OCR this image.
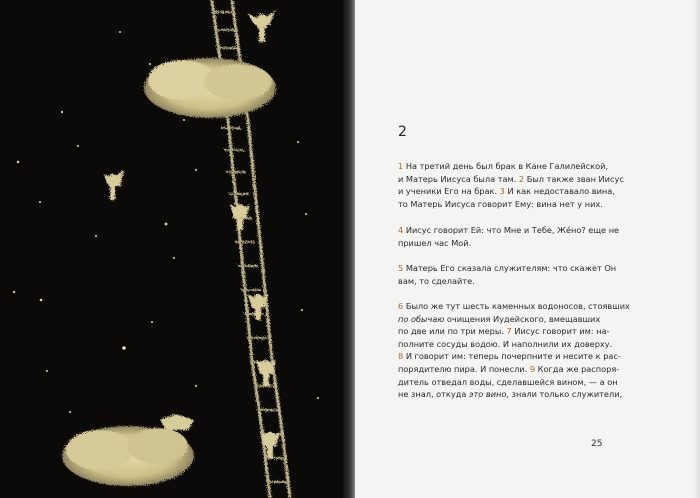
2
1 На третий день был брак в Кане Галилейской,
и Матерь Иисуса была там. 2 Был также зван Иисус
и ученики Его на брак. 3 И как недоставало вина,
то Матерь Иисуса говорит Ему: вина нет у них.
4 Иисус говорит Ей: что Мне и Тебе, Жéно? еще не
пришел час Мой.
5 Матерь Его сказала служителям: что скажет Он
вам, то сделайте.
6 Было же тут шесть каменных водоносов, стоявших
по обычаю очищения Иудейского, вмещавших
по две или по три меры. 7 Иисус говорит им: на-
полните сосуды водою. И наполнили их доверху.
8 И говорит им: теперь почерпните и несите к рас-
порядителю пира. И понесли. 9 Когда же распоря-
дитель отведал воды, сделавшейся вином, — а он
не знал, откуда это вино, знали только служители,
25
